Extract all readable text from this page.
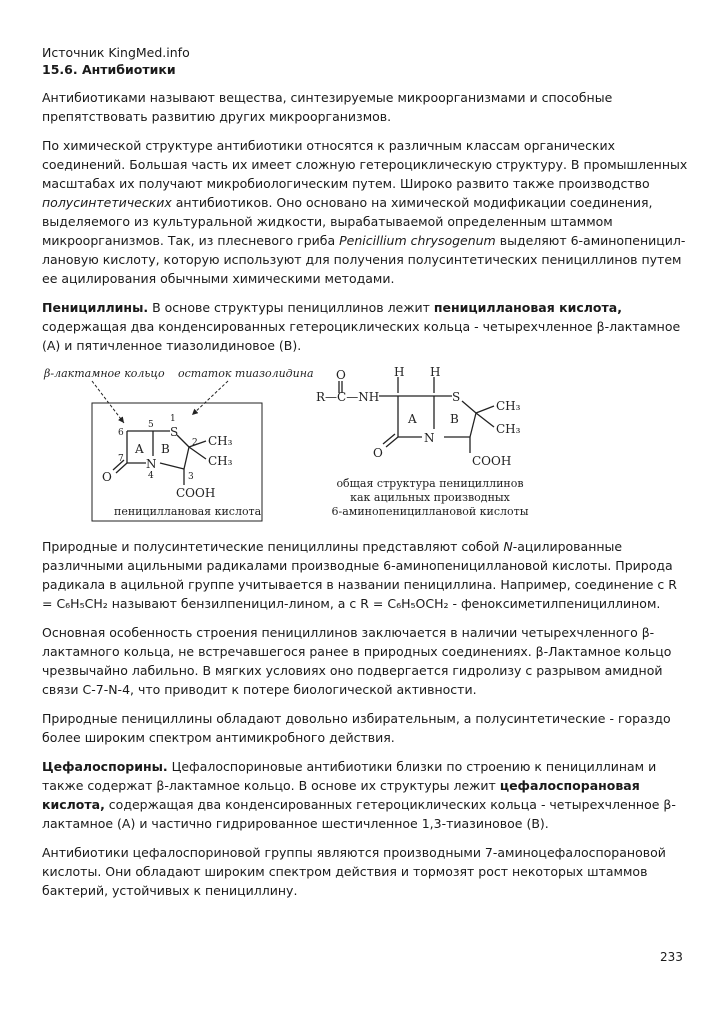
Источник KingMed.info
15.6. Антибиотики

Антибиотиками называют вещества, синтезируемые микроорганизмами и способные препятствовать развитию других микроорганизмов.

По химической структуре антибиотики относятся к различным классам органических соединений. Большая часть их имеет сложную гетероциклическую структуру. В промышленных масштабах их получают микробиологическим путем. Широко развито также производство полусинтетических антибиотиков. Оно основано на химической модификации соединения, выделяемого из культуральной жидкости, вырабатываемой определенным штаммом микроорганизмов. Так, из плесневого гриба Penicillium chrysogenum выделяют 6-аминопеницил-лановую кислоту, которую используют для получения полусинтетических пенициллинов путем ее ацилирования обычными химическими методами.

Пенициллины. В основе структуры пенициллинов лежит пенициллановая кислота, содержащая два конденсированных гетероциклических кольца - четырехчленное β-лактамное (А) и пятичленное тиазолидиновое (В).

β-лактамное кольцо остаток тиазолидина
A B
S
N
O
CH₃
CH₃
COOH
1
2
3
4
5
6
7
пенициллановая кислота
O
R—C—NH
H H
A	B
S
N
O
CH₃
CH₃
COOH
общая структура пенициллинов
как ацильных производных
6-аминопенициллановой кислоты

Природные и полусинтетические пенициллины представляют собой N-ацилированные различными ацильными радикалами производные 6-аминопенициллановой кислоты. Природа радикала в ацильной группе учитывается в названии пенициллина. Например, соединение с R = C₆H₅CH₂ называют бензилпеницил-лином, а с R = C₆H₅OCH₂ - феноксиметилпенициллином.

Основная особенность строения пенициллинов заключается в наличии четырехчленного β-лактамного кольца, не встречавшегося ранее в природных соединениях. β-Лактамное кольцо чрезвычайно лабильно. В мягких условиях оно подвергается гидролизу с разрывом амидной связи С-7-N-4, что приводит к потере биологической активности.

Природные пенициллины обладают довольно избирательным, а полусинтетические - гораздо более широким спектром антимикробного действия.

Цефалоспорины. Цефалоспориновые антибиотики близки по строению к пенициллинам и также содержат β-лактамное кольцо. В основе их структуры лежит цефалоспорановая кислота, содержащая два конденсированных гетероциклических кольца - четырехчленное β-лактамное (А) и частично гидрированное шестичленное 1,3-тиазиновое (В).

Антибиотики цефалоспориновой группы являются производными 7-аминоцефалоспорановой кислоты. Они обладают широким спектром действия и тормозят рост некоторых штаммов бактерий, устойчивых к пенициллину.

233
